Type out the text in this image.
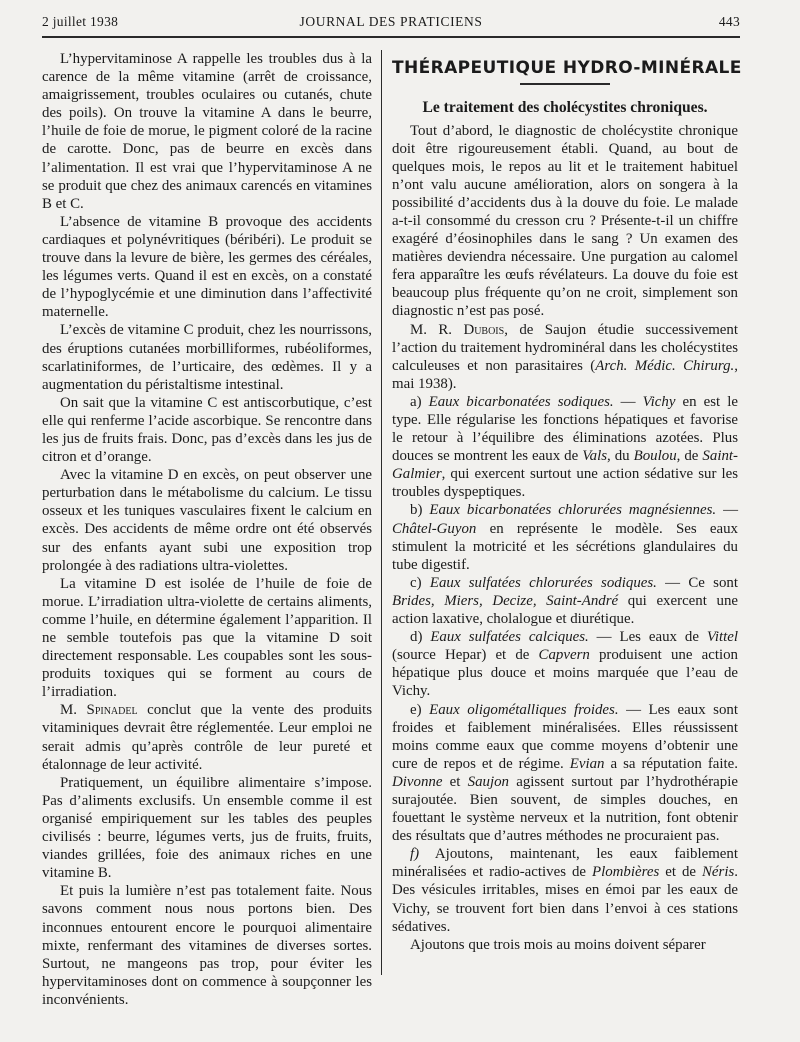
2 juillet 1938	JOURNAL DES PRATICIENS	443

L’hypervitaminose A rappelle les troubles dus à la carence de la même vitamine (arrêt de croissance, amaigrissement, troubles oculaires ou cutanés, chute des poils). On trouve la vitamine A dans le beurre, l’huile de foie de morue, le pigment coloré de la racine de carotte. Donc, pas de beurre en excès dans l’alimentation. Il est vrai que l’hypervitaminose A ne se produit que chez des animaux carencés en vitamines B et C.

L’absence de vitamine B provoque des accidents cardiaques et polynévritiques (béribéri). Le produit se trouve dans la levure de bière, les germes des céréales, les légumes verts. Quand il est en excès, on a constaté de l’hypoglycémie et une diminution dans l’affectivité maternelle.

L’excès de vitamine C produit, chez les nourrissons, des éruptions cutanées morbilliformes, rubéoliformes, scarlatiniformes, de l’urticaire, des œdèmes. Il y a augmentation du péristaltisme intestinal.

On sait que la vitamine C est antiscorbutique, c’est elle qui renferme l’acide ascorbique. Se rencontre dans les jus de fruits frais. Donc, pas d’excès dans les jus de citron et d’orange.

Avec la vitamine D en excès, on peut observer une perturbation dans le métabolisme du calcium. Le tissu osseux et les tuniques vasculaires fixent le calcium en excès. Des accidents de même ordre ont été observés sur des enfants ayant subi une exposition trop prolongée à des radiations ultra-violettes.

La vitamine D est isolée de l’huile de foie de morue. L’irradiation ultra-violette de certains aliments, comme l’huile, en détermine également l’apparition. Il ne semble toutefois pas que la vitamine D soit directement responsable. Les coupables sont les sous-produits toxiques qui se forment au cours de l’irradiation.

M. Spinadel conclut que la vente des produits vitaminiques devrait être réglementée. Leur emploi ne serait admis qu’après contrôle de leur pureté et étalonnage de leur activité.

Pratiquement, un équilibre alimentaire s’impose. Pas d’aliments exclusifs. Un ensemble comme il est organisé empiriquement sur les tables des peuples civilisés : beurre, légumes verts, jus de fruits, fruits, viandes grillées, foie des animaux riches en une vitamine B.

Et puis la lumière n’est pas totalement faite. Nous savons comment nous nous portons bien. Des inconnues entourent encore le pourquoi alimentaire mixte, renfermant des vitamines de diverses sortes. Surtout, ne mangeons pas trop, pour éviter les hypervitaminoses dont on commence à soupçonner les inconvénients.

THÉRAPEUTIQUE HYDRO-MINÉRALE
Le traitement des cholécystites chroniques.

Tout d’abord, le diagnostic de cholécystite chronique doit être rigoureusement établi. Quand, au bout de quelques mois, le repos au lit et le traitement habituel n’ont valu aucune amélioration, alors on songera à la possibilité d’accidents dus à la douve du foie. Le malade a-t-il consommé du cresson cru ? Présente-t-il un chiffre exagéré d’éosinophiles dans le sang ? Un examen des matières deviendra nécessaire. Une purgation au calomel fera apparaître les œufs révélateurs. La douve du foie est beaucoup plus fréquente qu’on ne croit, simplement son diagnostic n’est pas posé.

M. R. Dubois, de Saujon étudie successivement l’action du traitement hydrominéral dans les cholécystites calculeuses et non parasitaires (Arch. Médic. Chirurg., mai 1938).

a) Eaux bicarbonatées sodiques. — Vichy en est le type. Elle régularise les fonctions hépatiques et favorise le retour à l’équilibre des éliminations azotées. Plus douces se montrent les eaux de Vals, du Boulou, de Saint-Galmier, qui exercent surtout une action sédative sur les troubles dyspeptiques.

b) Eaux bicarbonatées chlorurées magnésiennes. — Châtel-Guyon en représente le modèle. Ses eaux stimulent la motricité et les sécrétions glandulaires du tube digestif.

c) Eaux sulfatées chlorurées sodiques. — Ce sont Brides, Miers, Decize, Saint-André qui exercent une action laxative, cholalogue et diurétique.

d) Eaux sulfatées calciques. — Les eaux de Vittel (source Hepar) et de Capvern produisent une action hépatique plus douce et moins marquée que l’eau de Vichy.

e) Eaux oligométalliques froides. — Les eaux sont froides et faiblement minéralisées. Elles réussissent moins comme eaux que comme moyens d’obtenir une cure de repos et de régime. Evian a sa réputation faite. Divonne et Saujon agissent surtout par l’hydrothérapie surajoutée. Bien souvent, de simples douches, en fouettant le système nerveux et la nutrition, font obtenir des résultats que d’autres méthodes ne procuraient pas.

f) Ajoutons, maintenant, les eaux faiblement minéralisées et radio-actives de Plombières et de Néris. Des vésicules irritables, mises en émoi par les eaux de Vichy, se trouvent fort bien dans l’envoi à ces stations sédatives.

Ajoutons que trois mois au moins doivent séparer
